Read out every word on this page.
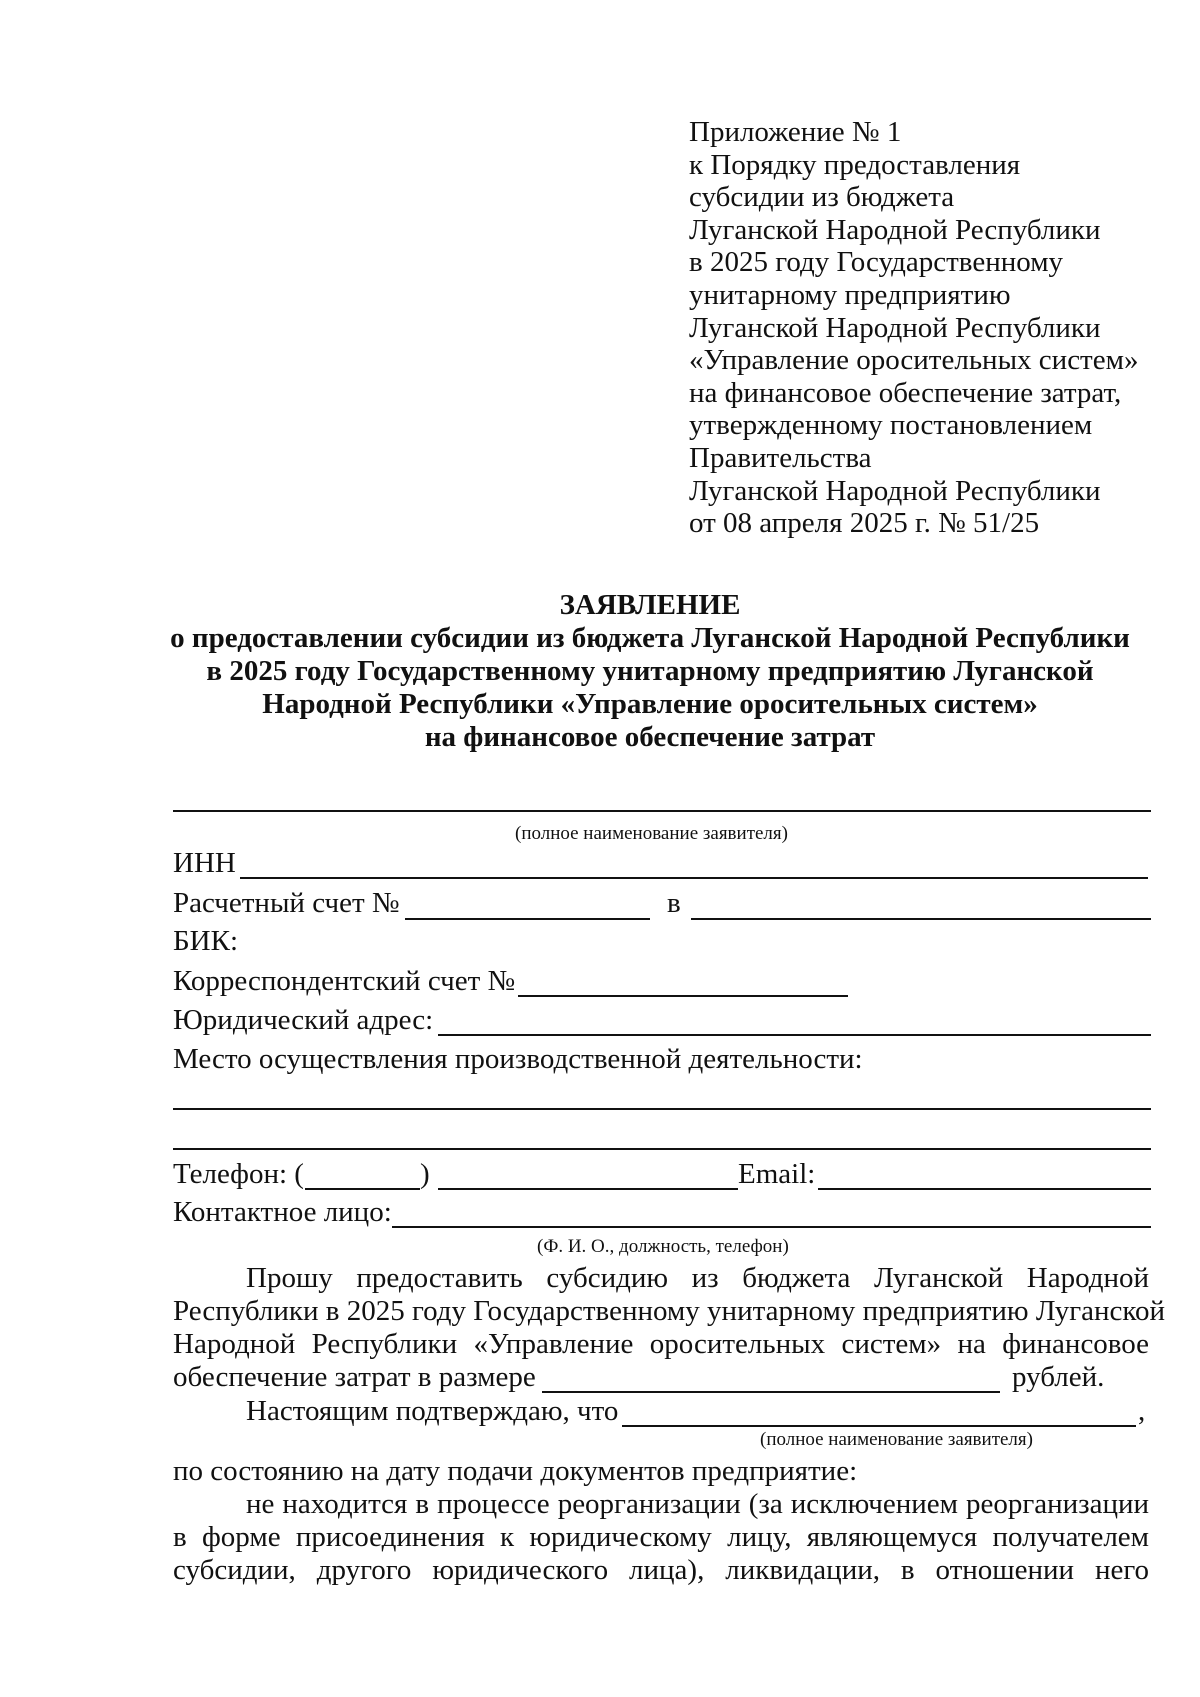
Приложение № 1
к Порядку предоставления
субсидии из бюджета
Луганской Народной Республики
в 2025 году Государственному
унитарному предприятию
Луганской Народной Республики
«Управление оросительных систем»
на финансовое обеспечение затрат,
утвержденному постановлением
Правительства
Луганской Народной Республики
от 08 апреля 2025 г. № 51/25
ЗАЯВЛЕНИЕ
о предоставлении субсидии из бюджета Луганской Народной Республики
в 2025 году Государственному унитарному предприятию Луганской
Народной Республики «Управление оросительных систем»
на финансовое обеспечение затрат
(полное наименование заявителя)
ИНН
Расчетный счет №	в
БИК:
Корреспондентский счет №
Юридический адрес:
Место осуществления производственной деятельности:
Телефон: (	)	Email:
Контактное лицо:
(Ф. И. О., должность, телефон)
Прошу предоставить субсидию из бюджета Луганской Народной
Республики в 2025 году Государственному унитарному предприятию Луганской
Народной Республики «Управление оросительных систем» на финансовое
обеспечение затрат в размере	рублей.
Настоящим подтверждаю, что	,
(полное наименование заявителя)
по состоянию на дату подачи документов предприятие:
не находится в процессе реорганизации (за исключением реорганизации
в форме присоединения к юридическому лицу, являющемуся получателем
субсидии, другого юридического лица), ликвидации, в отношении него
